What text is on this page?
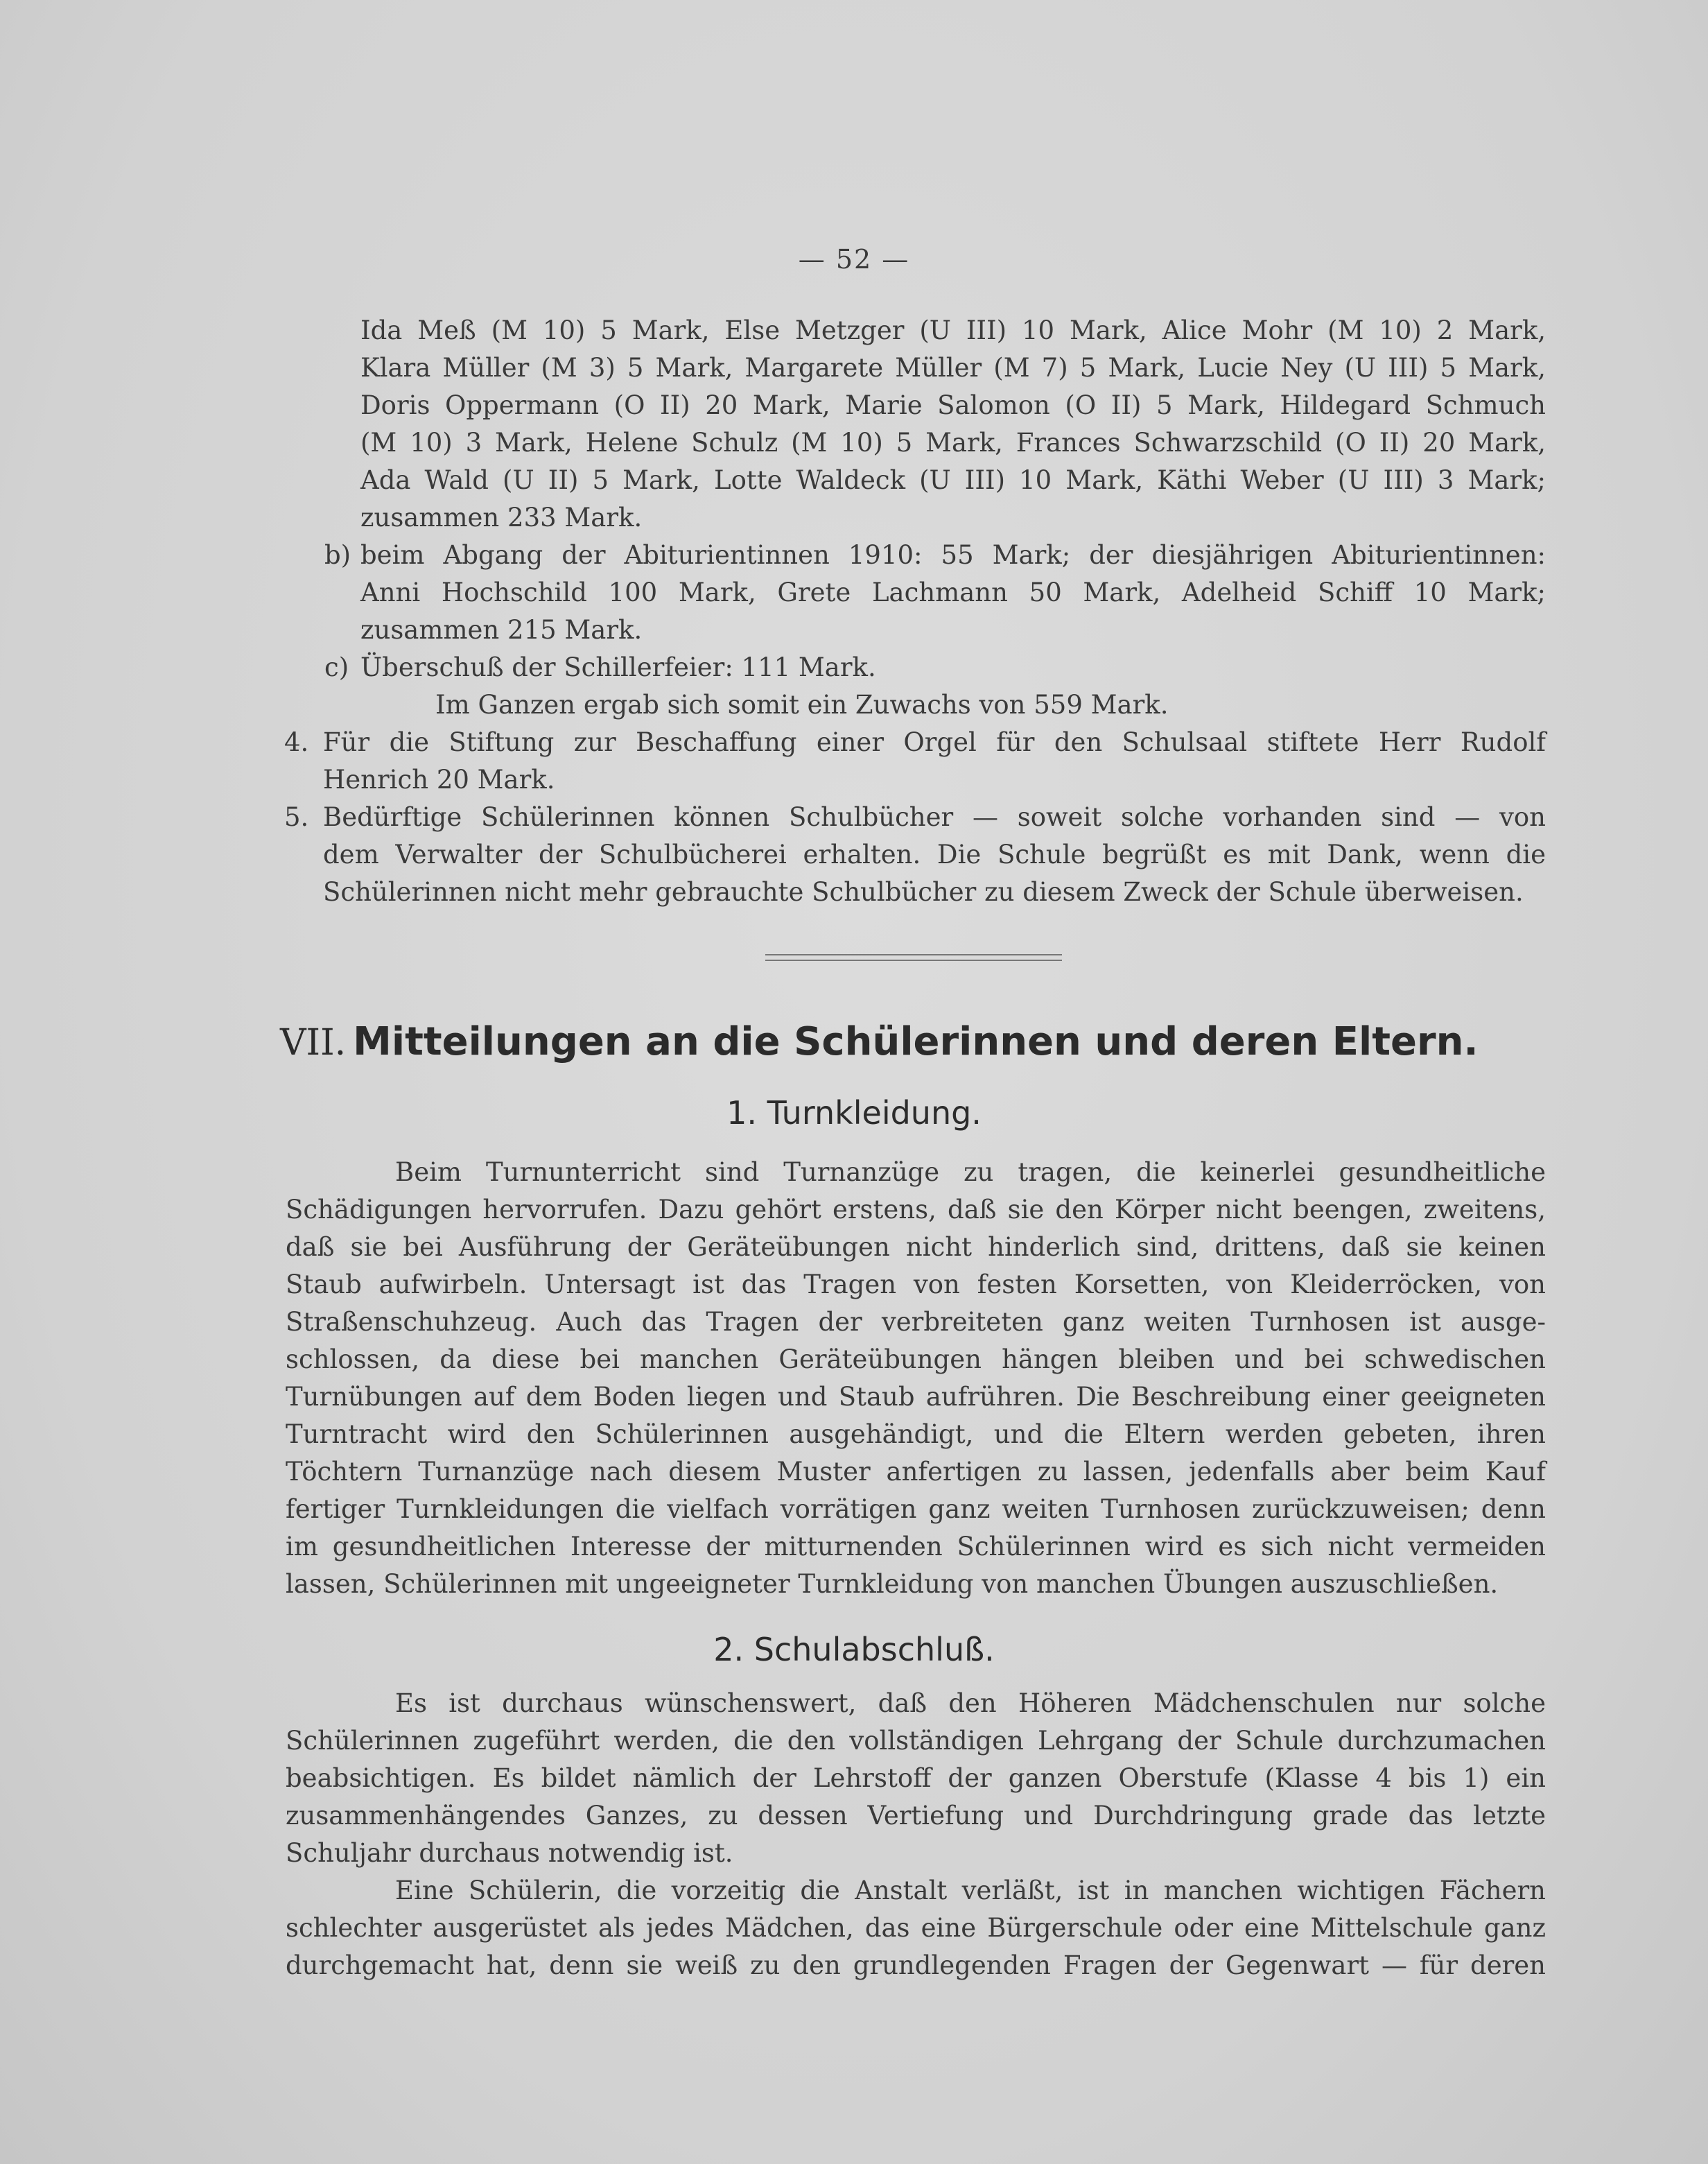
— 52 —

Ida Meß (M 10) 5 Mark, Else Metzger (U III) 10 Mark, Alice Mohr (M 10) 2 Mark,

Klara Müller (M 3) 5 Mark, Margarete Müller (M 7) 5 Mark, Lucie Ney (U III) 5 Mark,

Doris Oppermann (O II) 20 Mark, Marie Salomon (O II) 5 Mark, Hildegard Schmuch

(M 10) 3 Mark, Helene Schulz (M 10) 5 Mark, Frances Schwarzschild (O II) 20 Mark,

Ada Wald (U II) 5 Mark, Lotte Waldeck (U III) 10 Mark, Käthi Weber (U III) 3 Mark;

zusammen 233 Mark.

b) beim Abgang der Abiturientinnen 1910: 55 Mark; der diesjährigen Abiturientinnen:

Anni Hochschild 100 Mark, Grete Lachmann 50 Mark, Adelheid Schiff 10 Mark;

zusammen 215 Mark.

c) Überschuß der Schillerfeier: 111 Mark.

Im Ganzen ergab sich somit ein Zuwachs von 559 Mark.

4. Für die Stiftung zur Beschaffung einer Orgel für den Schulsaal stiftete Herr Rudolf

Henrich 20 Mark.

5. Bedürftige Schülerinnen können Schulbücher — soweit solche vorhanden sind — von

dem Verwalter der Schulbücherei erhalten. Die Schule begrüßt es mit Dank, wenn die

Schülerinnen nicht mehr gebrauchte Schulbücher zu diesem Zweck der Schule überweisen.

VII. Mitteilungen an die Schülerinnen und deren Eltern.
1. Turnkleidung.

Beim Turnunterricht sind Turnanzüge zu tragen, die keinerlei gesundheitliche

Schädigungen hervorrufen. Dazu gehört erstens, daß sie den Körper nicht beengen, zweitens,

daß sie bei Ausführung der Geräteübungen nicht hinderlich sind, drittens, daß sie keinen

Staub aufwirbeln. Untersagt ist das Tragen von festen Korsetten, von Kleiderröcken, von

Straßenschuhzeug. Auch das Tragen der verbreiteten ganz weiten Turnhosen ist ausge-

schlossen, da diese bei manchen Geräteübungen hängen bleiben und bei schwedischen

Turnübungen auf dem Boden liegen und Staub aufrühren. Die Beschreibung einer geeigneten

Turntracht wird den Schülerinnen ausgehändigt, und die Eltern werden gebeten, ihren

Töchtern Turnanzüge nach diesem Muster anfertigen zu lassen, jedenfalls aber beim Kauf

fertiger Turnkleidungen die vielfach vorrätigen ganz weiten Turnhosen zurückzuweisen; denn

im gesundheitlichen Interesse der mitturnenden Schülerinnen wird es sich nicht vermeiden

lassen, Schülerinnen mit ungeeigneter Turnkleidung von manchen Übungen auszuschließen.

2. Schulabschluß.

Es ist durchaus wünschenswert, daß den Höheren Mädchenschulen nur solche

Schülerinnen zugeführt werden, die den vollständigen Lehrgang der Schule durchzumachen

beabsichtigen. Es bildet nämlich der Lehrstoff der ganzen Oberstufe (Klasse 4 bis 1) ein

zusammenhängendes Ganzes, zu dessen Vertiefung und Durchdringung grade das letzte

Schuljahr durchaus notwendig ist.

Eine Schülerin, die vorzeitig die Anstalt verläßt, ist in manchen wichtigen Fächern

schlechter ausgerüstet als jedes Mädchen, das eine Bürgerschule oder eine Mittelschule ganz

durchgemacht hat, denn sie weiß zu den grundlegenden Fragen der Gegenwart — für deren
